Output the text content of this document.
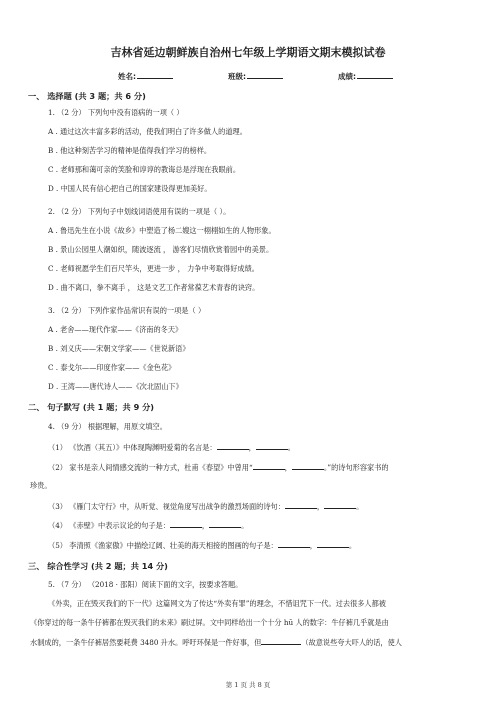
吉林省延边朝鲜族自治州七年级上学期语文期末模拟试卷
姓名:	班级:	成绩:
一、 选择题 (共 3 题；共 6 分)
1. （2 分） 下列句中没有语病的一项（ ）
A . 通过这次丰富多彩的活动，使我们明白了许多做人的道理。
B . 他这种刻苦学习的精神是值得我们学习的榜样。
C . 老师那和蔼可亲的笑脸和谆谆的教诲总是浮现在我眼前。
D . 中国人民有信心把自己的国家建设得更加美好。
2. （2 分） 下列句子中划线词语使用有误的一项是（ ）。
A . 鲁迅先生在小说《故乡》中塑造了杨二嫂这一栩栩如生的人物形象。
B . 景山公园里人潮如织，随波逐流 ， 游客们尽情欣赏着园中的美景。
C . 老师祝愿学生们百尺竿头，更进一步 ， 力争中考取得好成绩。
D . 曲不离口，拳不离手 ， 这是文艺工作者常葆艺术青春的诀窍。
3. （2 分） 下列作家作品常识有误的一项是（ ）
A . 老舍——现代作家——《济南的冬天》
B . 刘义庆——宋朝文学家——《世说新语》
C . 泰戈尔——印度作家——《金色花》
D . 王湾——唐代诗人——《次北固山下》
二、 句子默写 (共 1 题；共 9 分)
4. （9 分） 根据理解，用原文填空。
（1） 《饮酒（其五）》中体现陶渊明爱菊的名言是：	，	。
（2） 家书是亲人间情感交流的一种方式，杜甫《春望》中曾用“	，	。”的诗句形容家书的
珍贵。
（3） 《雁门太守行》中，从听觉、视觉角度写出战争的激烈场面的诗句：	，	。
（4） 《赤壁》中表示议论的句子是：	，	。
（5） 李清照《渔家傲》中描绘辽阔、壮美的海天相接的图画的句子是：	，	。
三、 综合性学习 (共 2 题；共 14 分)
5. （7 分） （2018 · 邵阳）阅读下面的文字，按要求答题。
《外卖，正在毁灭我们的下一代》这篇网文为了传达“外卖有罪”的理念，不惜诅咒下一代。过去很多人都被
《你穿过的每一条牛仔裤都在毁灭我们的未来》刷过屏。文中同样给出一个十分 hū 人的数字：牛仔裤几乎就是由
水制成的，一条牛仔裤居然要耗费 3480 升水。呼吁环保是一件好事，但	（故意说些夸大吓人的话，使人
第 1 页 共 8 页
